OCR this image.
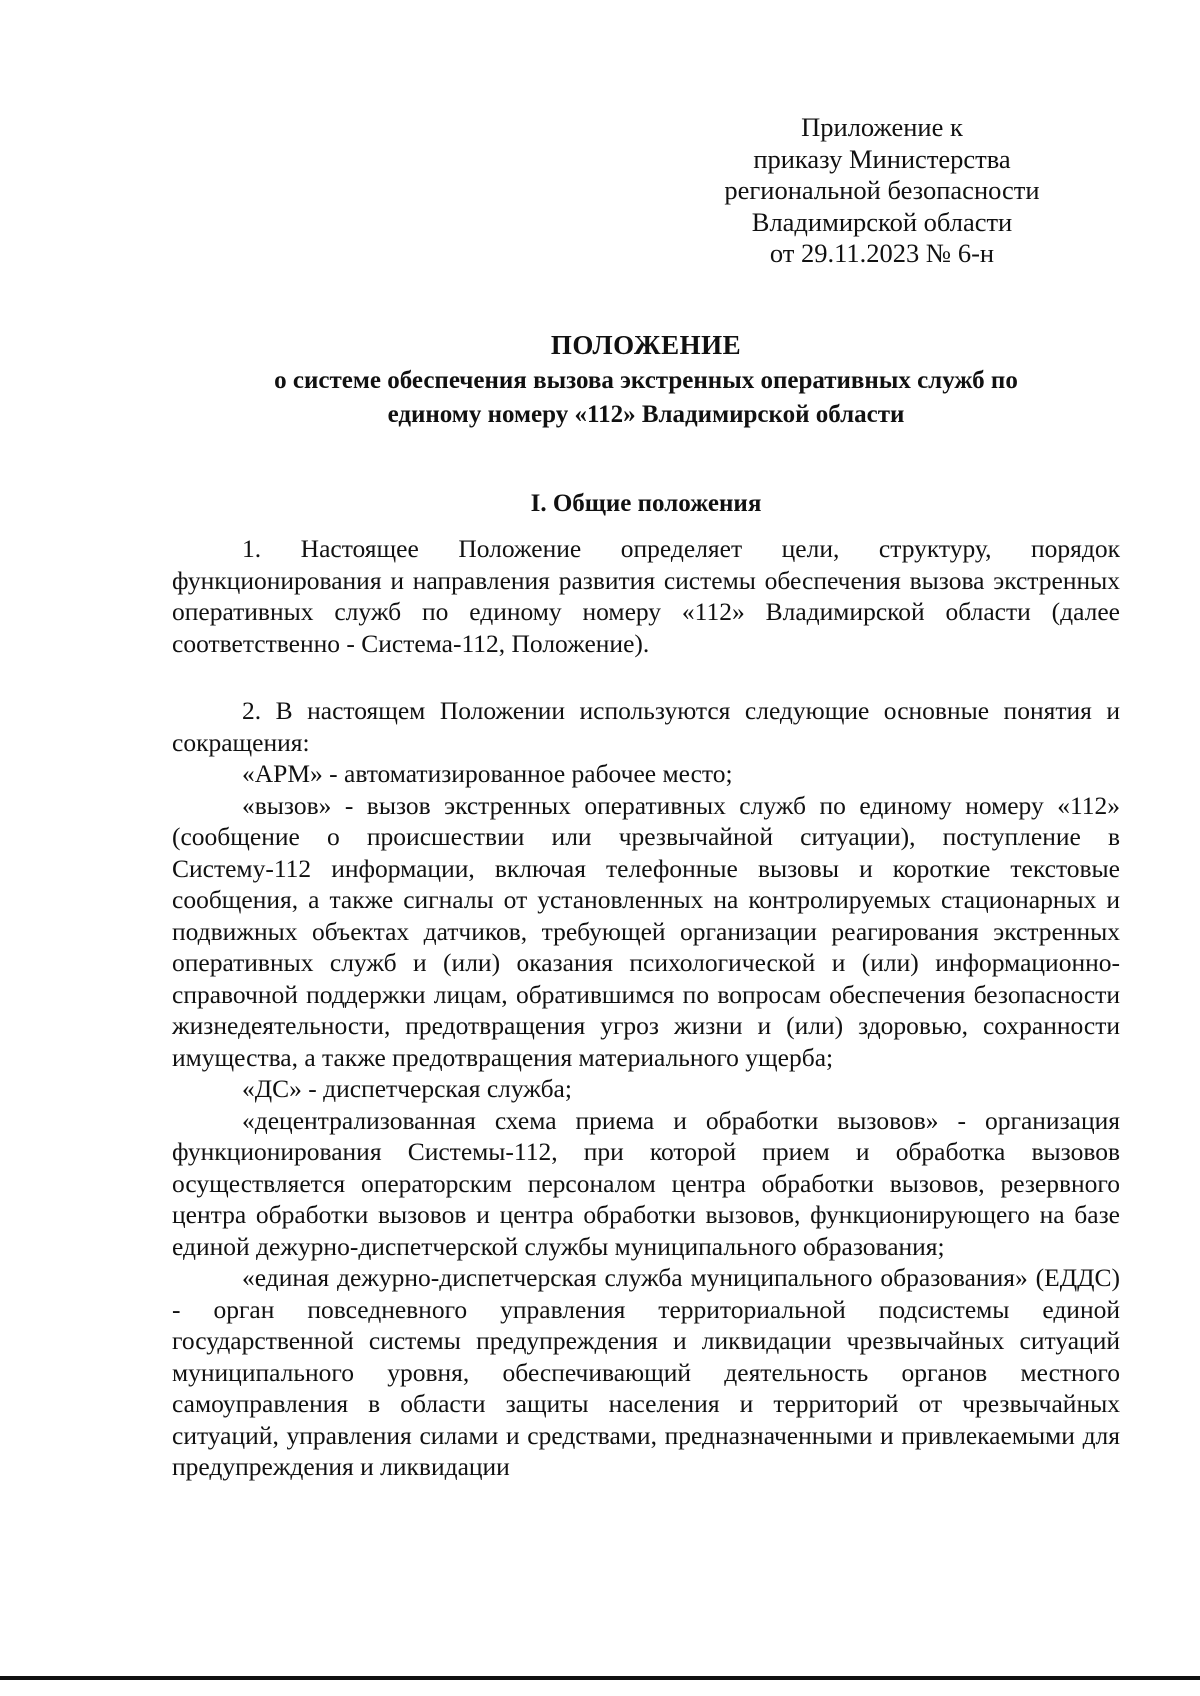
Приложение к
приказу Министерства
региональной безопасности
Владимирской области
от 29.11.2023 № 6-н
ПОЛОЖЕНИЕ
о системе обеспечения вызова экстренных оперативных служб по
единому номеру «112» Владимирской области
I. Общие положения

1. Настоящее Положение определяет цели, структуру, порядок функционирования и направления развития системы обеспечения вызова экстренных оперативных служб по единому номеру «112» Владимирской области (далее соответственно - Система-112, Положение).

2. В настоящем Положении используются следующие основные понятия и сокращения:

«АРМ» - автоматизированное рабочее место;

«вызов» - вызов экстренных оперативных служб по единому номеру «112» (сообщение о происшествии или чрезвычайной ситуации), поступление в Систему-112 информации, включая телефонные вызовы и короткие текстовые сообщения, а также сигналы от установленных на контролируемых стационарных и подвижных объектах датчиков, требующей организации реагирования экстренных оперативных служб и (или) оказания психологической и (или) информационно-справочной поддержки лицам, обратившимся по вопросам обеспечения безопасности жизнедеятельности, предотвращения угроз жизни и (или) здоровью, сохранности имущества, а также предотвращения материального ущерба;

«ДС» - диспетчерская служба;

«децентрализованная схема приема и обработки вызовов» - организация функционирования Системы-112, при которой прием и обработка вызовов осуществляется операторским персоналом центра обработки вызовов, резервного центра обработки вызовов и центра обработки вызовов, функционирующего на базе единой дежурно-диспетчерской службы муниципального образования;

«единая дежурно-диспетчерская служба муниципального образования» (ЕДДС) - орган повседневного управления территориальной подсистемы единой государственной системы предупреждения и ликвидации чрезвычайных ситуаций муниципального уровня, обеспечивающий деятельность органов местного самоуправления в области защиты населения и территорий от чрезвычайных ситуаций, управления силами и средствами, предназначенными и привлекаемыми для предупреждения и ликвидации
